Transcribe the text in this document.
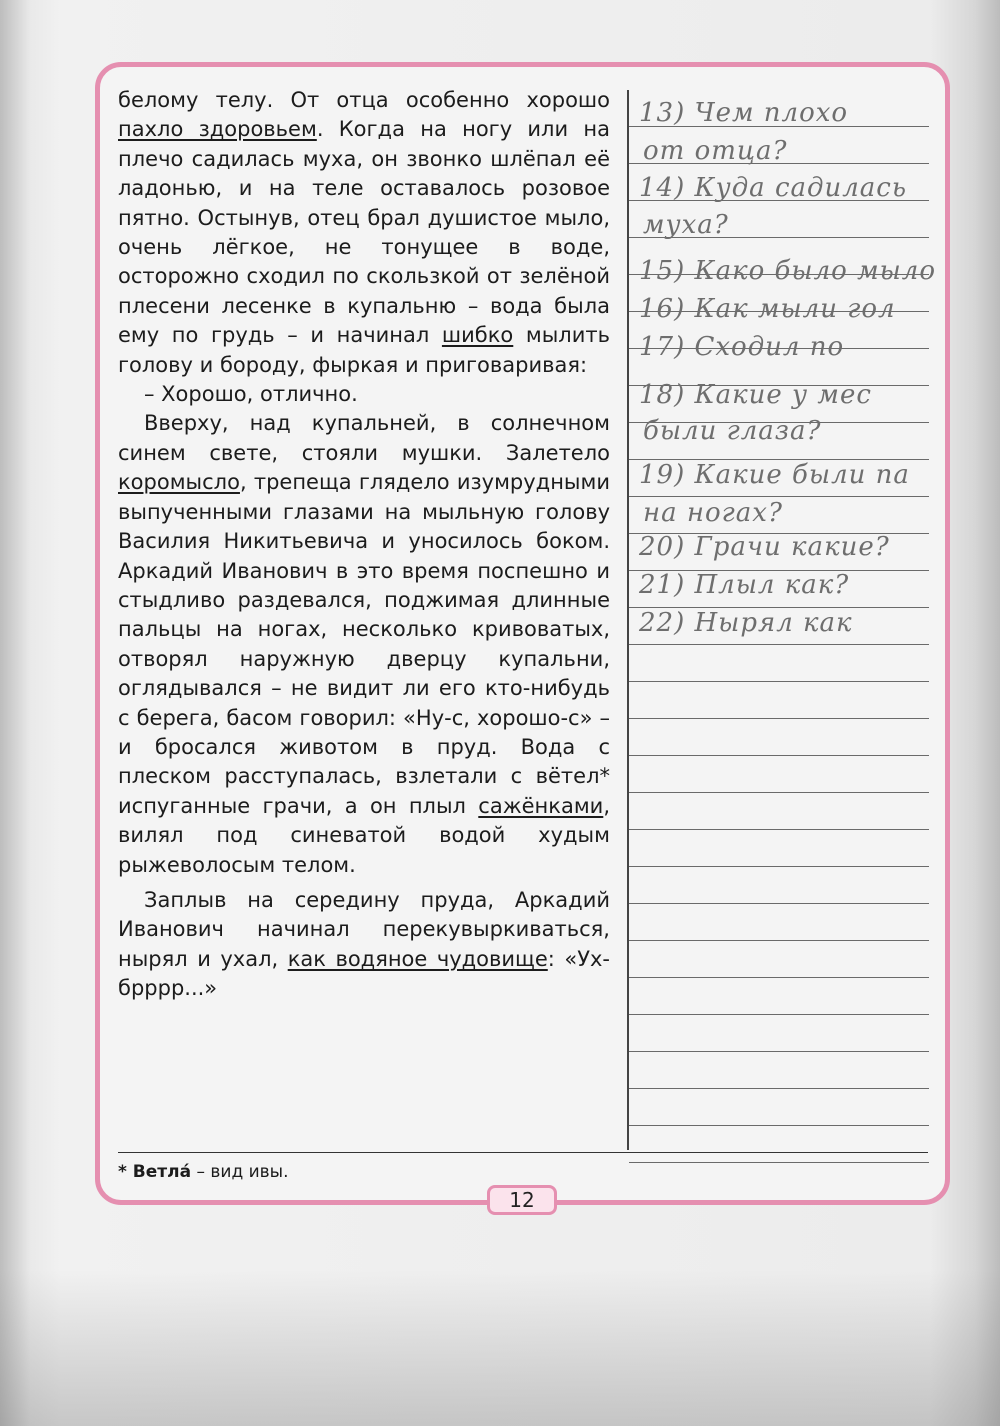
белому телу. От отца особенно хорошо пахло здоровьем. Когда на ногу или на плечо садилась муха, он звонко шлёпал её ладонью, и на теле оставалось розовое пятно. Остынув, отец брал душистое мыло, очень лёгкое, не тонущее в воде, осторожно сходил по скользкой от зелёной плесени лесенке в купальню – вода была ему по грудь – и начинал шибко мылить голову и бороду, фыркая и приговаривая:

– Хорошо, отлично.

Вверху, над купальней, в солнечном синем свете, стояли мушки. Залетело коромысло, трепеща глядело изумрудными выпученными глазами на мыльную голову Василия Никитьевича и уносилось боком. Аркадий Иванович в это время поспешно и стыдливо раздевался, поджимая длинные пальцы на ногах, несколько кривоватых, отворял наружную дверцу купальни, оглядывался – не видит ли его кто-нибудь с берега, басом говорил: «Ну-с, хорошо-с» – и бросался животом в пруд. Вода с плеском расступалась, взлетали с вётел* испуганные грачи, а он плыл сажёнками, вилял под синеватой водой худым рыжеволосым телом.

Заплыв на середину пруда, Аркадий Иванович начинал перекувыркиваться, нырял и ухал, как водяное чудовище: «Ух-брррр...»

13) Чем плохо
от отца?
14) Куда садилась
муха?
15) Како было мыло
16) Как мыли гол
17) Сходил по
18) Какие у мес
были глаза?
19) Какие были па
на ногах?
20) Грачи какие?
21) Плыл как?
22) Нырял как
* Ветла́ – вид ивы.
12
